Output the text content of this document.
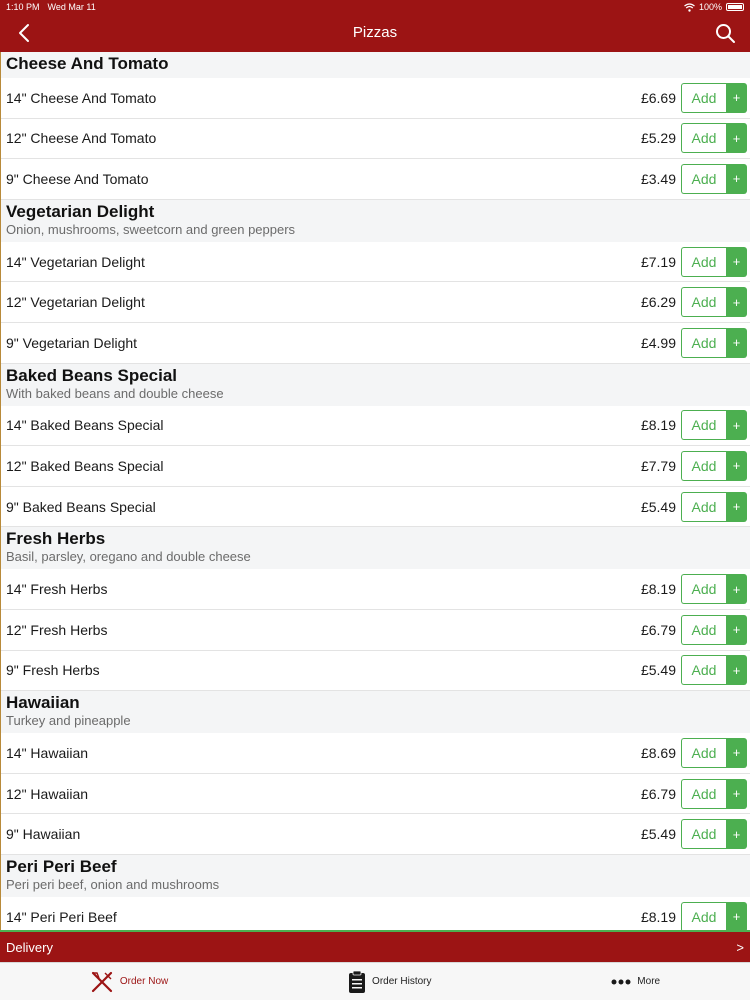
1:10 PM Wed Mar 11	100%
Pizzas
Cheese And Tomato
14" Cheese And Tomato	£6.69	Add	+
12" Cheese And Tomato	£5.29	Add	+
9" Cheese And Tomato	£3.49	Add	+
Vegetarian Delight
Onion, mushrooms, sweetcorn and green peppers
14" Vegetarian Delight	£7.19	Add	+
12" Vegetarian Delight	£6.29	Add	+
9" Vegetarian Delight	£4.99	Add	+
Baked Beans Special
With baked beans and double cheese
14" Baked Beans Special	£8.19	Add	+
12" Baked Beans Special	£7.79	Add	+
9" Baked Beans Special	£5.49	Add	+
Fresh Herbs
Basil, parsley, oregano and double cheese
14" Fresh Herbs	£8.19	Add	+
12" Fresh Herbs	£6.79	Add	+
9" Fresh Herbs	£5.49	Add	+
Hawaiian
Turkey and pineapple
14" Hawaiian	£8.69	Add	+
12" Hawaiian	£6.79	Add	+
9" Hawaiian	£5.49	Add	+
Peri Peri Beef
Peri peri beef, onion and mushrooms
14" Peri Peri Beef	£8.19	Add	+
Delivery	>
Order Now	Order History	More
